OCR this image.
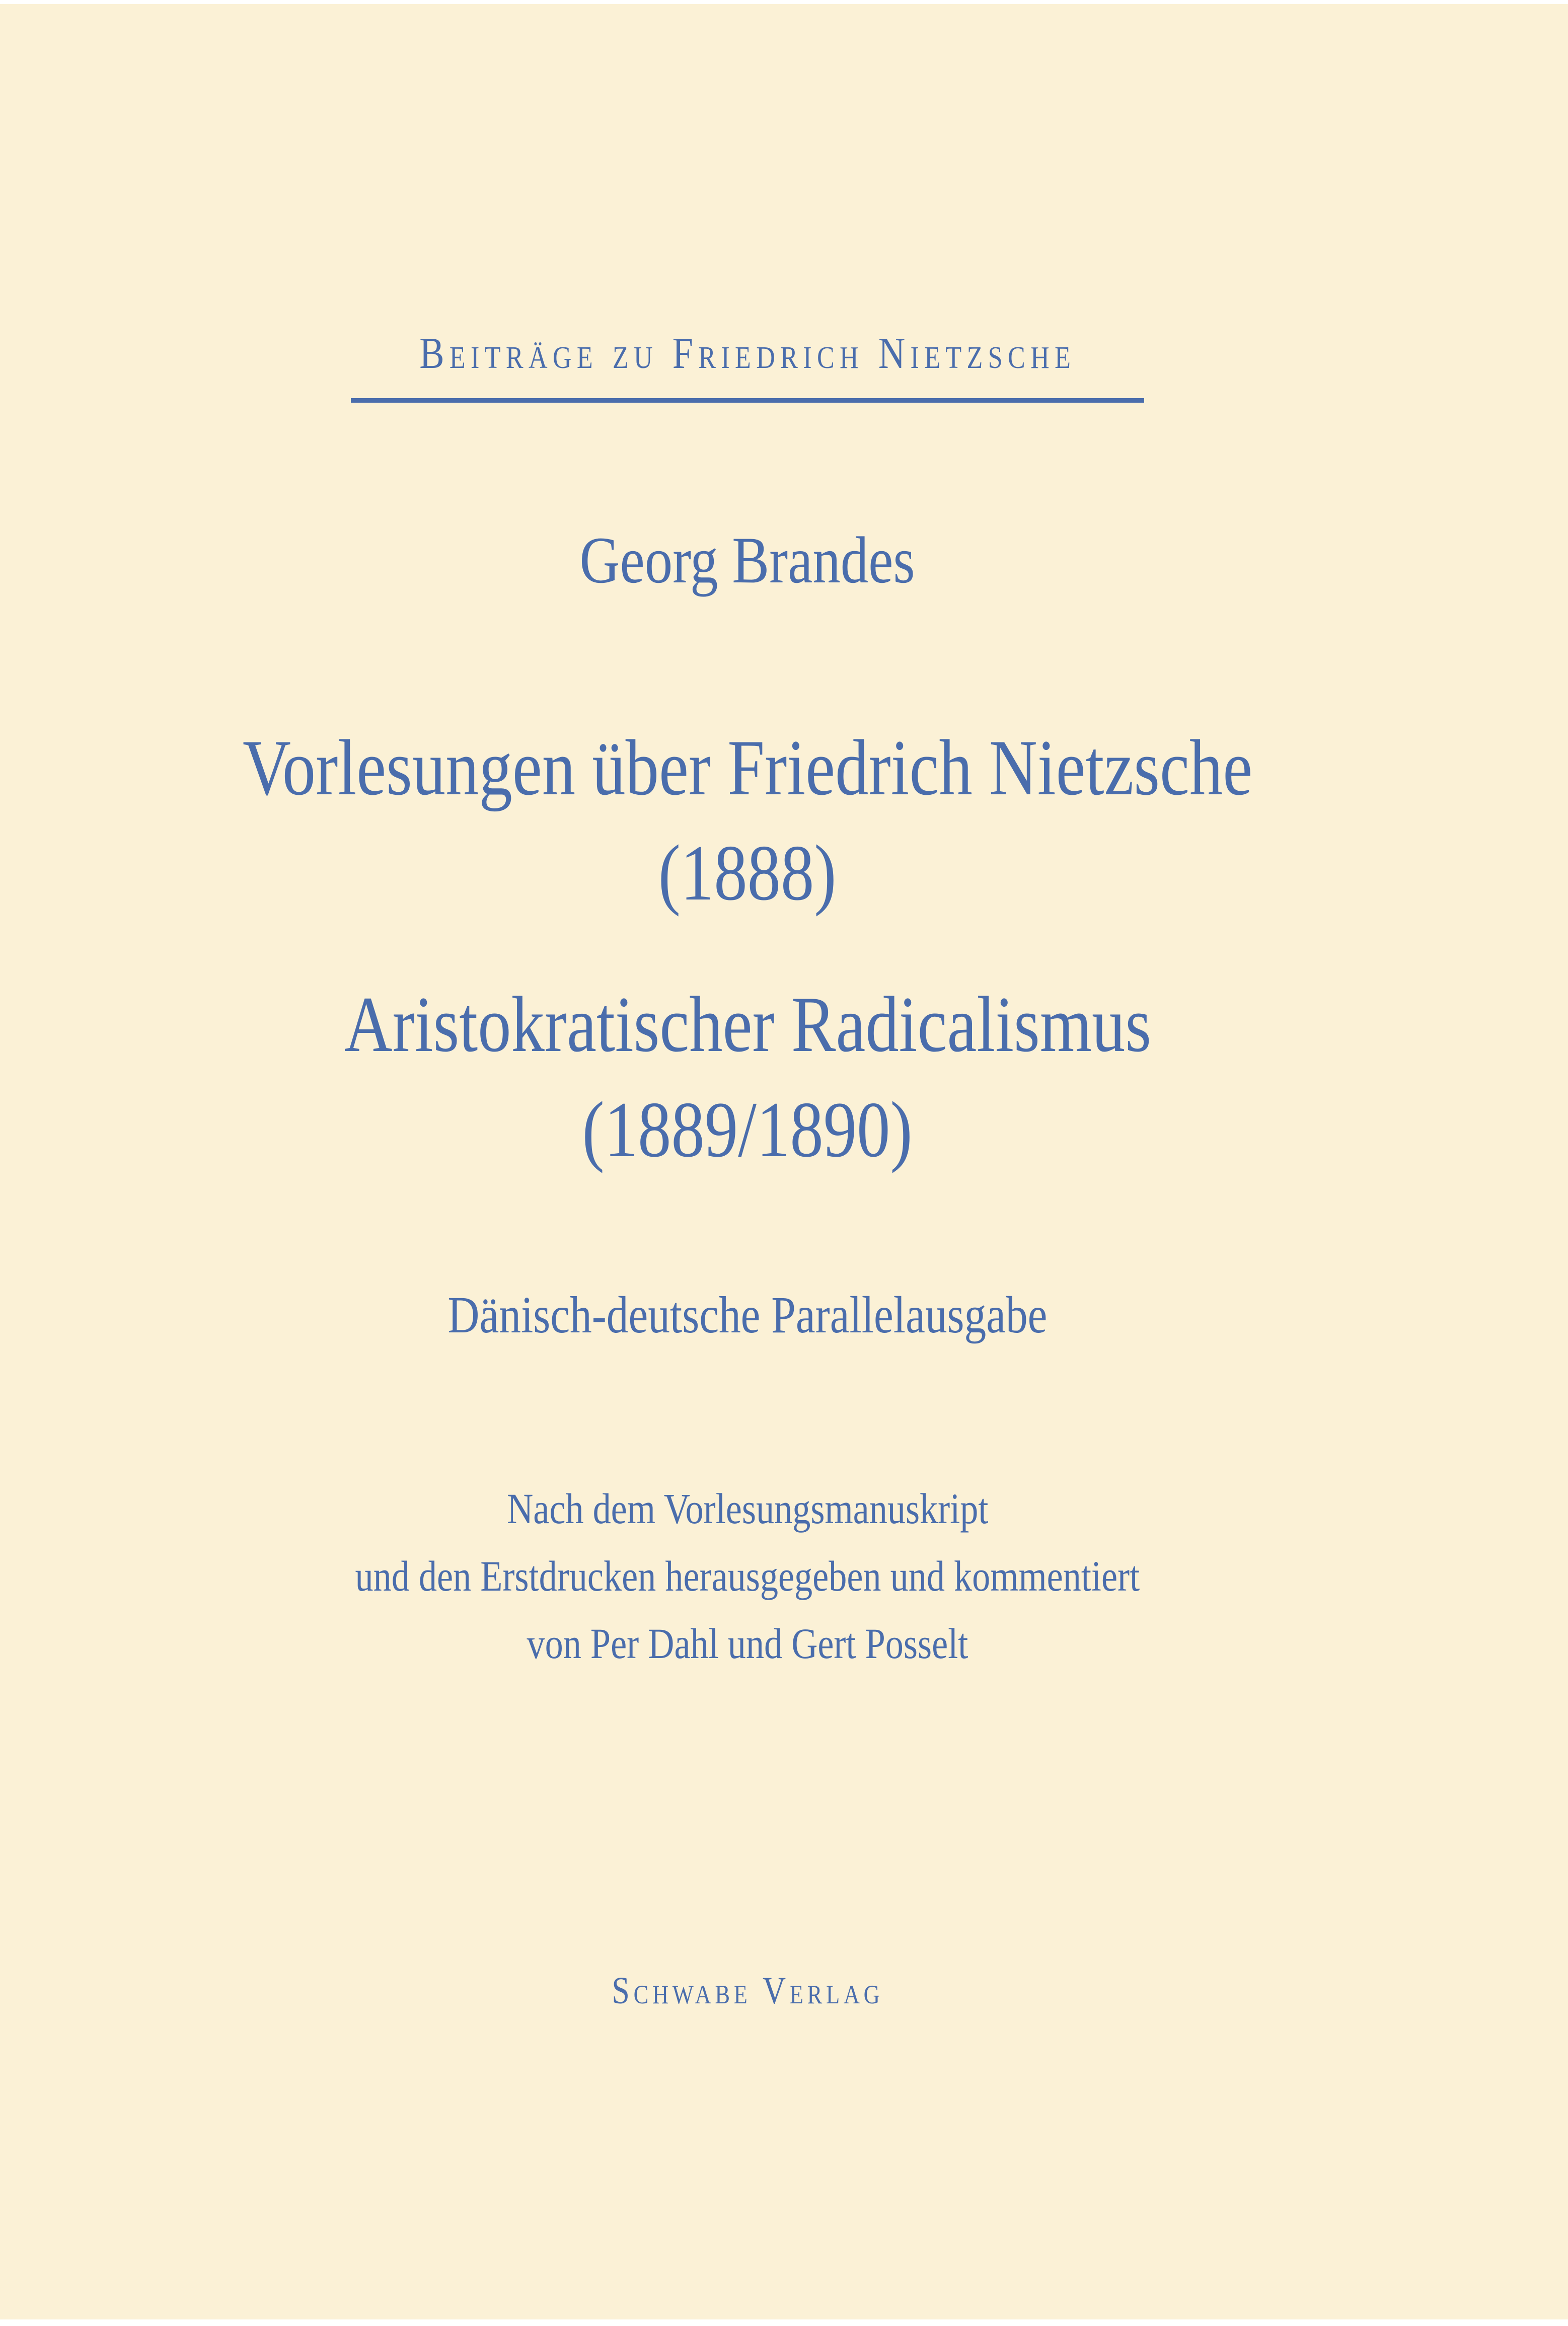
Beiträge zu Friedrich Nietzsche
Georg Brandes
Vorlesungen über Friedrich Nietzsche
(1888)
Aristokratischer Radicalismus
(1889/1890)
Dänisch-deutsche Parallelausgabe
Nach dem Vorlesungsmanuskript
und den Erstdrucken herausgegeben und kommentiert
von Per Dahl und Gert Posselt
Schwabe Verlag
